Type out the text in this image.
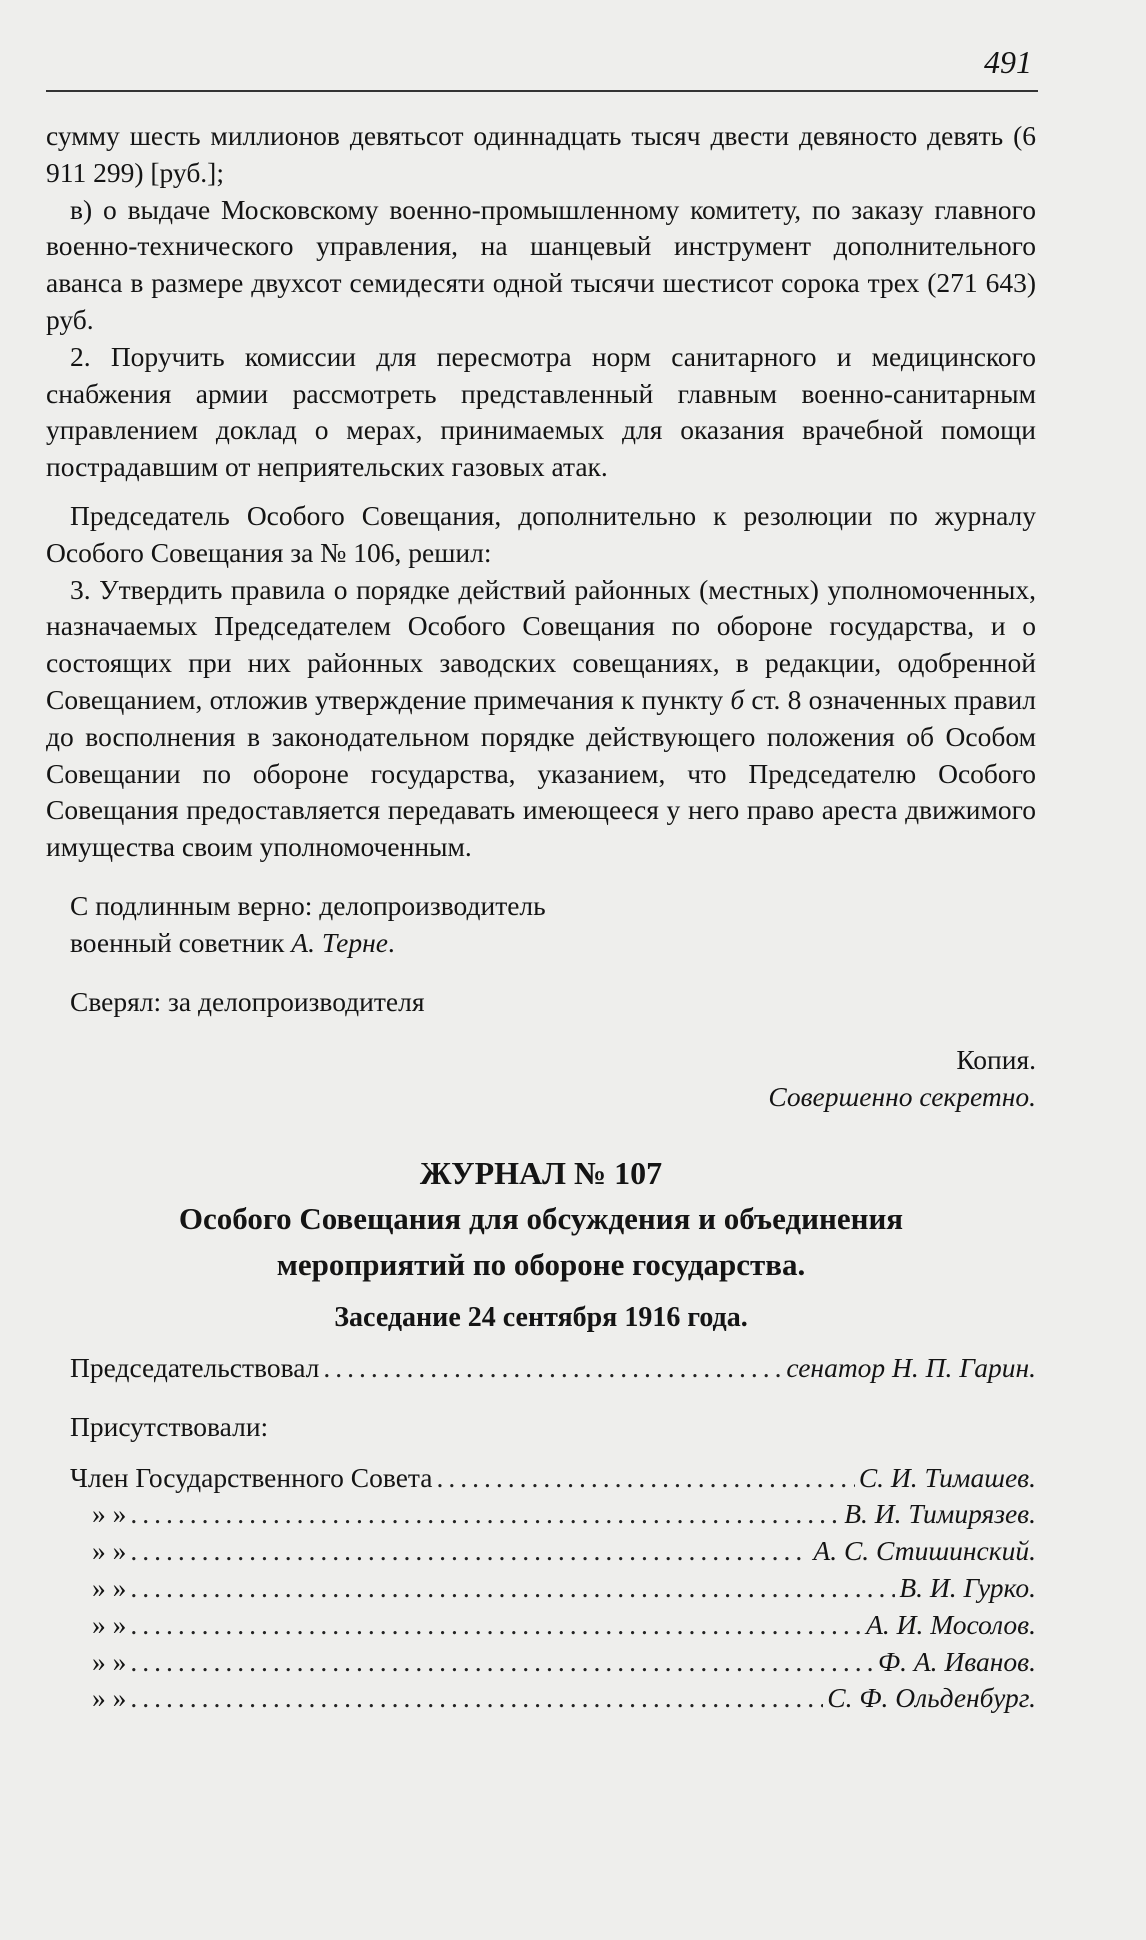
491

сумму шесть миллионов девятьсот одиннадцать тысяч двести девяносто девять (6 911 299) [руб.];

в) о выдаче Московскому военно-промышленному комитету, по заказу главного военно-технического управления, на шанцевый инструмент дополнительного аванса в размере двухсот семидесяти одной тысячи шестисот сорока трех (271 643) руб.

2. Поручить комиссии для пересмотра норм санитарного и медицинского снабжения армии рассмотреть представленный главным военно-санитарным управлением доклад о мерах, принимаемых для оказания врачебной помощи пострадавшим от неприятельских газовых атак.

Председатель Особого Совещания, дополнительно к резолюции по журналу Особого Совещания за № 106, решил:

3. Утвердить правила о порядке действий районных (местных) уполномоченных, назначаемых Председателем Особого Совещания по обороне государства, и о состоящих при них районных заводских совещаниях, в редакции, одобренной Совещанием, отложив утверждение примечания к пункту б ст. 8 означенных правил до восполнения в законодательном порядке действующего положения об Особом Совещании по обороне государства, указанием, что Председателю Особого Совещания предоставляется передавать имеющееся у него право ареста движимого имущества своим уполномоченным.

С подлинным верно: делопроизводитель

военный советник А. Терне.

Сверял: за делопроизводителя

Копия.

Совершенно секретно.

ЖУРНАЛ № 107
Особого Совещания для обсуждения и объединения
мероприятий по обороне государства.
Заседание 24 сентября 1916 года.
Председательствовал .....	сенатор Н. П. Гарин.

Присутствовали:

Член Государственного Совета .....	С. И. Тимашев.
» » .....	В. И. Тимирязев.
» » .....	А. С. Стишинский.
» » .....	В. И. Гурко.
» » .....	А. И. Мосолов.
» » .....	Ф. А. Иванов.
» » .....	С. Ф. Ольденбург.
